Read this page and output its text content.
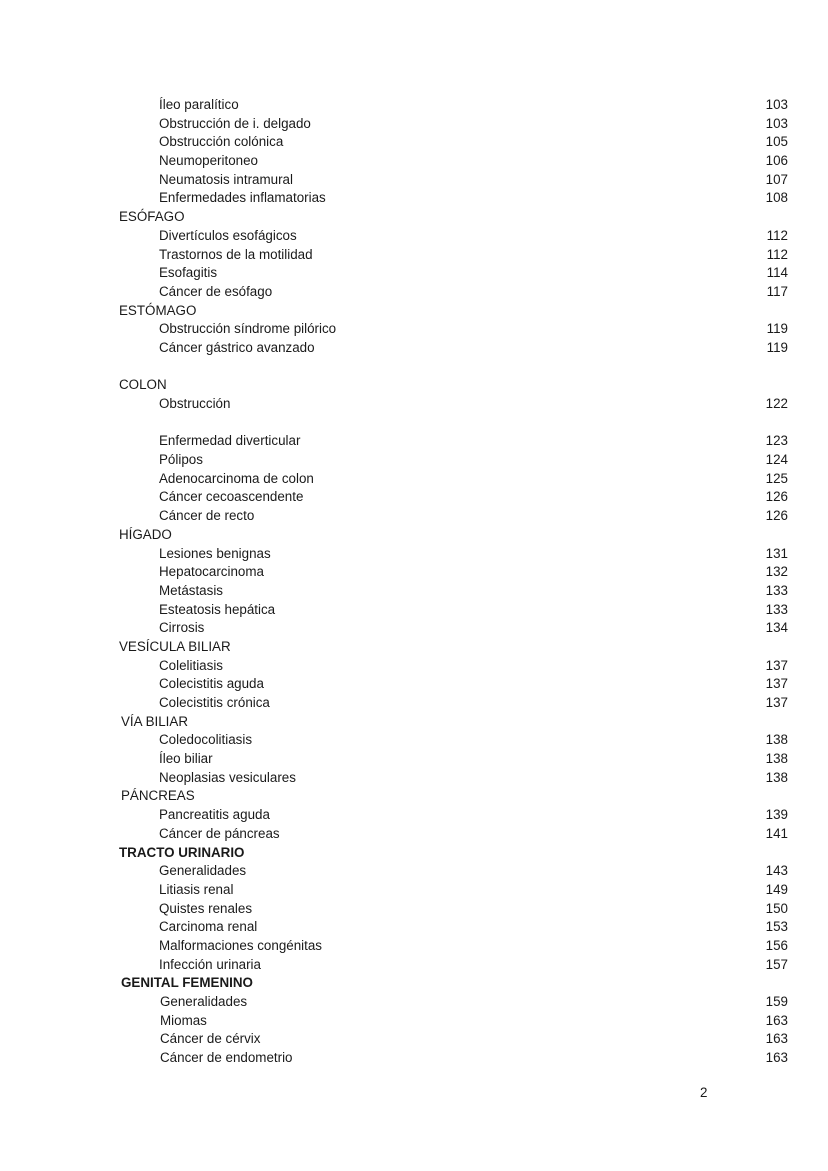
Íleo paralítico	103
Obstrucción de i. delgado	103
Obstrucción colónica	105
Neumoperitoneo	106
Neumatosis intramural	107
Enfermedades inflamatorias	108
ESÓFAGO
Divertículos esofágicos	112
Trastornos de la motilidad	112
Esofagitis	114
Cáncer de esófago	117
ESTÓMAGO
Obstrucción síndrome pilórico	119
Cáncer gástrico avanzado	119
COLON
Obstrucción	122
Enfermedad diverticular	123
Pólipos	124
Adenocarcinoma de colon	125
Cáncer cecoascendente	126
Cáncer de recto	126
HÍGADO
Lesiones benignas	131
Hepatocarcinoma	132
Metástasis	133
Esteatosis hepática	133
Cirrosis	134
VESÍCULA BILIAR
Colelitiasis	137
Colecistitis aguda	137
Colecistitis crónica	137
VÍA BILIAR
Coledocolitiasis	138
Íleo biliar	138
Neoplasias vesiculares	138
PÁNCREAS
Pancreatitis aguda	139
Cáncer de páncreas	141
TRACTO URINARIO
Generalidades	143
Litiasis renal	149
Quistes renales	150
Carcinoma renal	153
Malformaciones congénitas	156
Infección urinaria	157
GENITAL FEMENINO
Generalidades	159
Miomas	163
Cáncer de cérvix	163
Cáncer de endometrio	163
2
